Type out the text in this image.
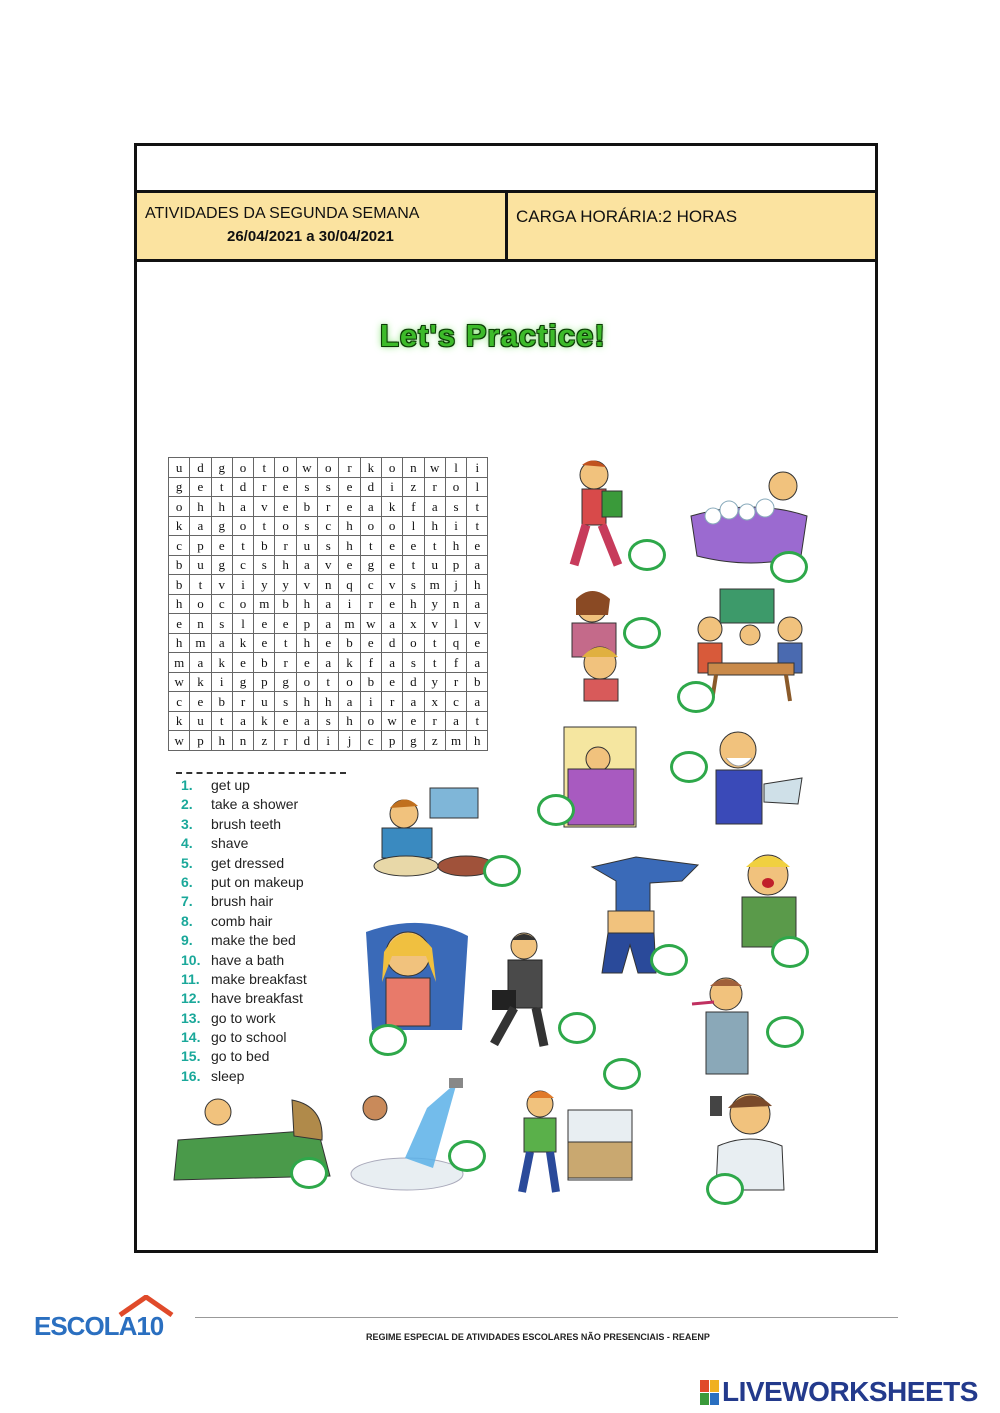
ATIVIDADES DA SEGUNDA SEMANA
26/04/2021 a 30/04/2021
CARGA HORÁRIA:2 HORAS
Let's Practice!
u	d	g	o	t	o	w	o	r	k	o	n	w	l	i
g	e	t	d	r	e	s	s	e	d	i	z	r	o	l
o	h	h	a	v	e	b	r	e	a	k	f	a	s	t
k	a	g	o	t	o	s	c	h	o	o	l	h	i	t
c	p	e	t	b	r	u	s	h	t	e	e	t	h	e
b	u	g	c	s	h	a	v	e	g	e	t	u	p	a
b	t	v	i	y	y	v	n	q	c	v	s	m	j	h
h	o	c	o	m	b	h	a	i	r	e	h	y	n	a
e	n	s	l	e	e	p	a	m	w	a	x	v	l	v
h	m	a	k	e	t	h	e	b	e	d	o	t	q	e
m	a	k	e	b	r	e	a	k	f	a	s	t	f	a
w	k	i	g	p	g	o	t	o	b	e	d	y	r	b
c	e	b	r	u	s	h	h	a	i	r	a	x	c	a
k	u	t	a	k	e	a	s	h	o	w	e	r	a	t
w	p	h	n	z	r	d	i	j	c	p	g	z	m	h
1. get up
2. take a shower
3. brush teeth
4. shave
5. get dressed
6. put on makeup
7. brush hair
8. comb hair
9. make the bed
10. have a bath
11. make breakfast
12. have breakfast
13. go to work
14. go to school
15. go to bed
16. sleep
ESCOLA10	REGIME ESPECIAL DE ATIVIDADES ESCOLARES NÃO PRESENCIAIS - REAENP
LIVEWORKSHEETS
